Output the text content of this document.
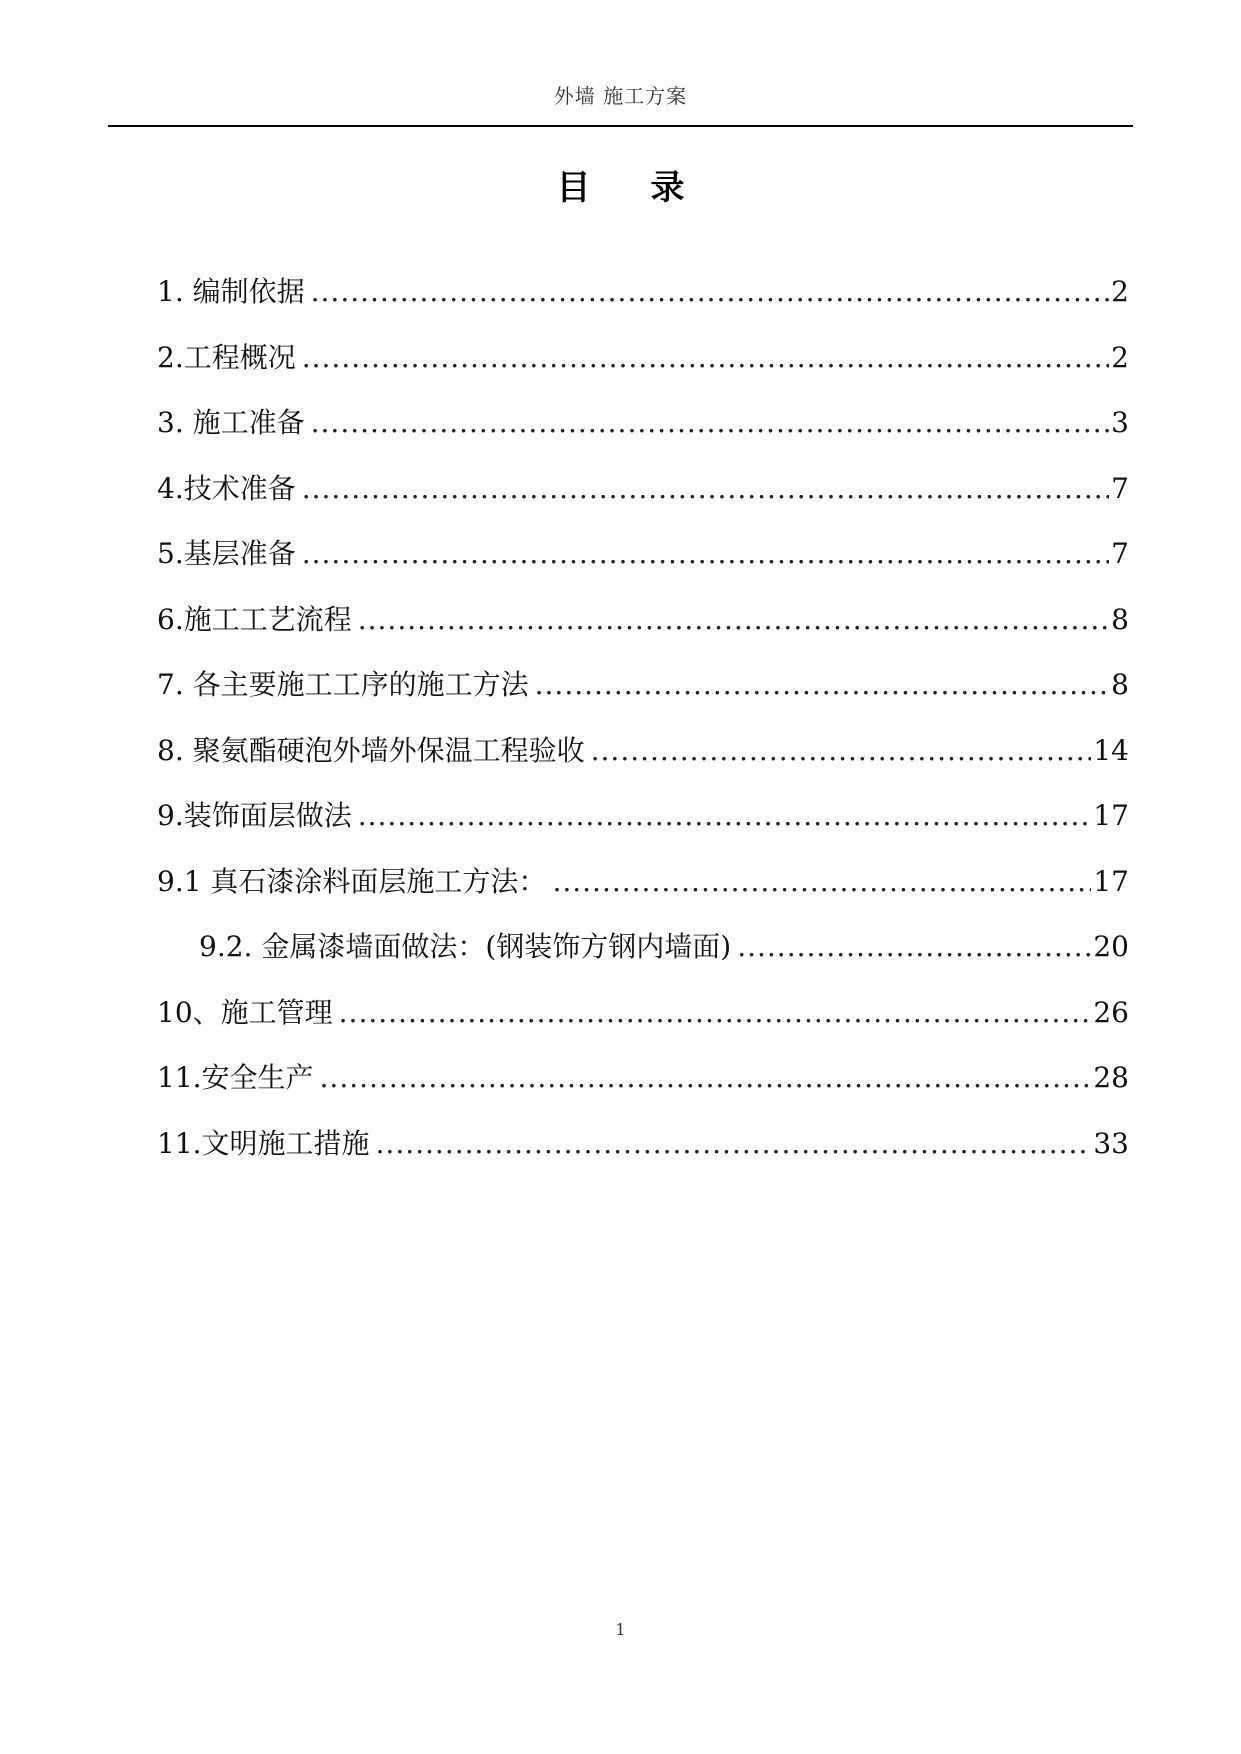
外墙 施工方案
目录
1. 编制依据 .....	2
2.工程概况 .....	2
3. 施工准备 .....	3
4.技术准备 .....	7
5.基层准备 .....	7
6.施工工艺流程 .....	8
7. 各主要施工工序的施工方法 .....	8
8. 聚氨酯硬泡外墙外保温工程验收 .....	14
9.装饰面层做法 .....	17
9.1 真石漆涂料面层施工方法： .....	17
9.2. 金属漆墙面做法：(钢装饰方钢内墙面) .....	20
10、施工管理 .....	26
11.安全生产 .....	28
11.文明施工措施 .....	33
1
